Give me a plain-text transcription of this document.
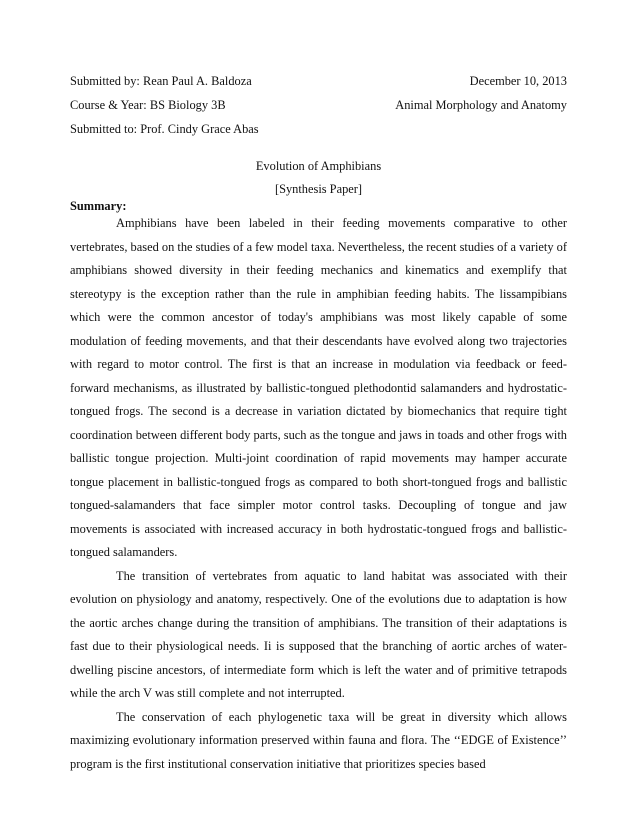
Submitted by: Rean Paul A. Baldoza	December 10, 2013
Course & Year: BS Biology 3B	Animal Morphology and Anatomy
Submitted to: Prof. Cindy Grace Abas
Evolution of Amphibians
[Synthesis Paper]
Summary:

Amphibians have been labeled in their feeding movements comparative to other vertebrates, based on the studies of a few model taxa. Nevertheless, the recent studies of a variety of amphibians showed diversity in their feeding mechanics and kinematics and exemplify that stereotypy is the exception rather than the rule in amphibian feeding habits. The lissampibians which were the common ancestor of today's amphibians was most likely capable of some modulation of feeding movements, and that their descendants have evolved along two trajectories with regard to motor control. The first is that an increase in modulation via feedback or feed-forward mechanisms, as illustrated by ballistic-tongued plethodontid salamanders and hydrostatic-tongued frogs. The second is a decrease in variation dictated by biomechanics that require tight coordination between different body parts, such as the tongue and jaws in toads and other frogs with ballistic tongue projection. Multi-joint coordination of rapid movements may hamper accurate tongue placement in ballistic-tongued frogs as compared to both short-tongued frogs and ballistic tongued-salamanders that face simpler motor control tasks. Decoupling of tongue and jaw movements is associated with increased accuracy in both hydrostatic-tongued frogs and ballistic-tongued salamanders.

The transition of vertebrates from aquatic to land habitat was associated with their evolution on physiology and anatomy, respectively. One of the evolutions due to adaptation is how the aortic arches change during the transition of amphibians. The transition of their adaptations is fast due to their physiological needs. Ii is supposed that the branching of aortic arches of water-dwelling piscine ancestors, of intermediate form which is left the water and of primitive tetrapods while the arch V was still complete and not interrupted.

The conservation of each phylogenetic taxa will be great in diversity which allows maximizing evolutionary information preserved within fauna and flora. The ‘‘EDGE of Existence’’ program is the first institutional conservation initiative that prioritizes species based
